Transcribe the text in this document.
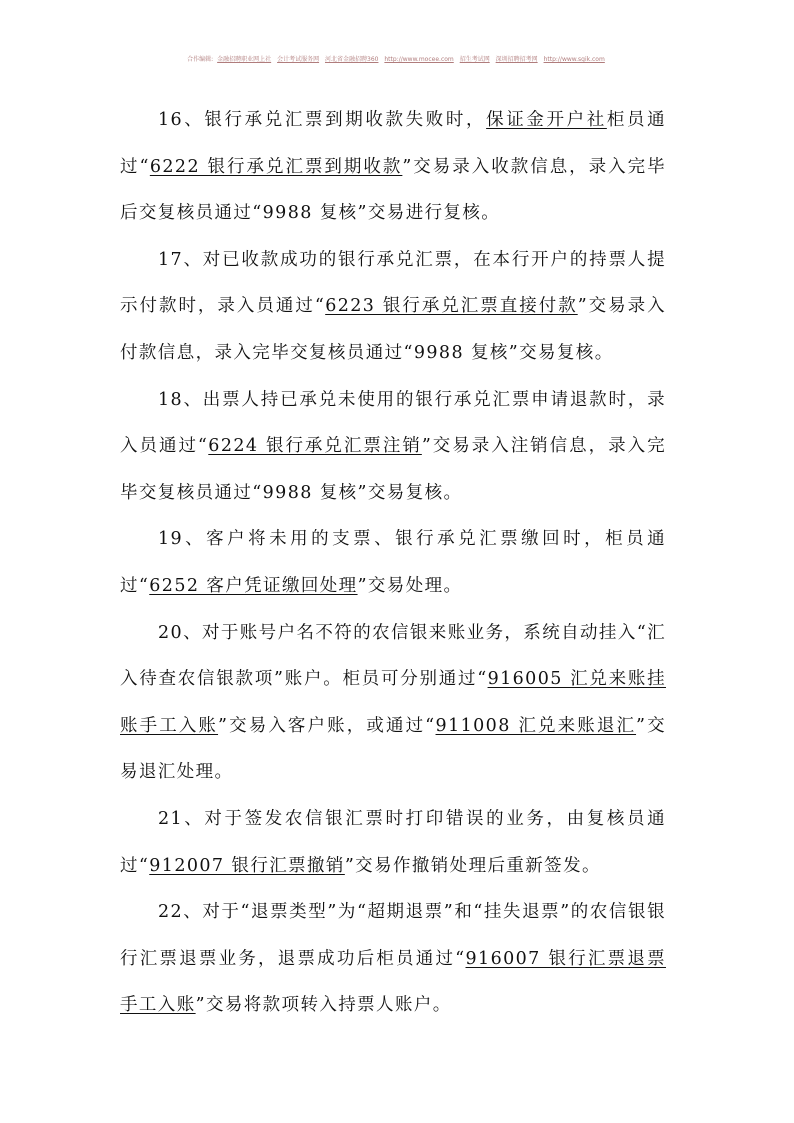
合作编辑: 金融招聘职业网上社 会计考试服务网 河北省金融招聘360 http://www.mocee.com 招生考试网 深圳招聘招考网 http://www.sgik.com

16、银行承兑汇票到期收款失败时，保证金开户社柜员通过“6222 银行承兑汇票到期收款”交易录入收款信息，录入完毕后交复核员通过“9988 复核”交易进行复核。

17、对已收款成功的银行承兑汇票，在本行开户的持票人提示付款时，录入员通过“6223 银行承兑汇票直接付款”交易录入付款信息，录入完毕交复核员通过“9988 复核”交易复核。

18、出票人持已承兑未使用的银行承兑汇票申请退款时，录入员通过“6224 银行承兑汇票注销”交易录入注销信息，录入完毕交复核员通过“9988 复核”交易复核。

19、客户将未用的支票、银行承兑汇票缴回时，柜员通过“6252 客户凭证缴回处理”交易处理。

20、对于账号户名不符的农信银来账业务，系统自动挂入“汇入待查农信银款项”账户。柜员可分别通过“916005 汇兑来账挂账手工入账”交易入客户账，或通过“911008 汇兑来账退汇”交易退汇处理。

21、对于签发农信银汇票时打印错误的业务，由复核员通过“912007 银行汇票撤销”交易作撤销处理后重新签发。

22、对于“退票类型”为“超期退票”和“挂失退票”的农信银银行汇票退票业务，退票成功后柜员通过“916007 银行汇票退票手工入账”交易将款项转入持票人账户。
